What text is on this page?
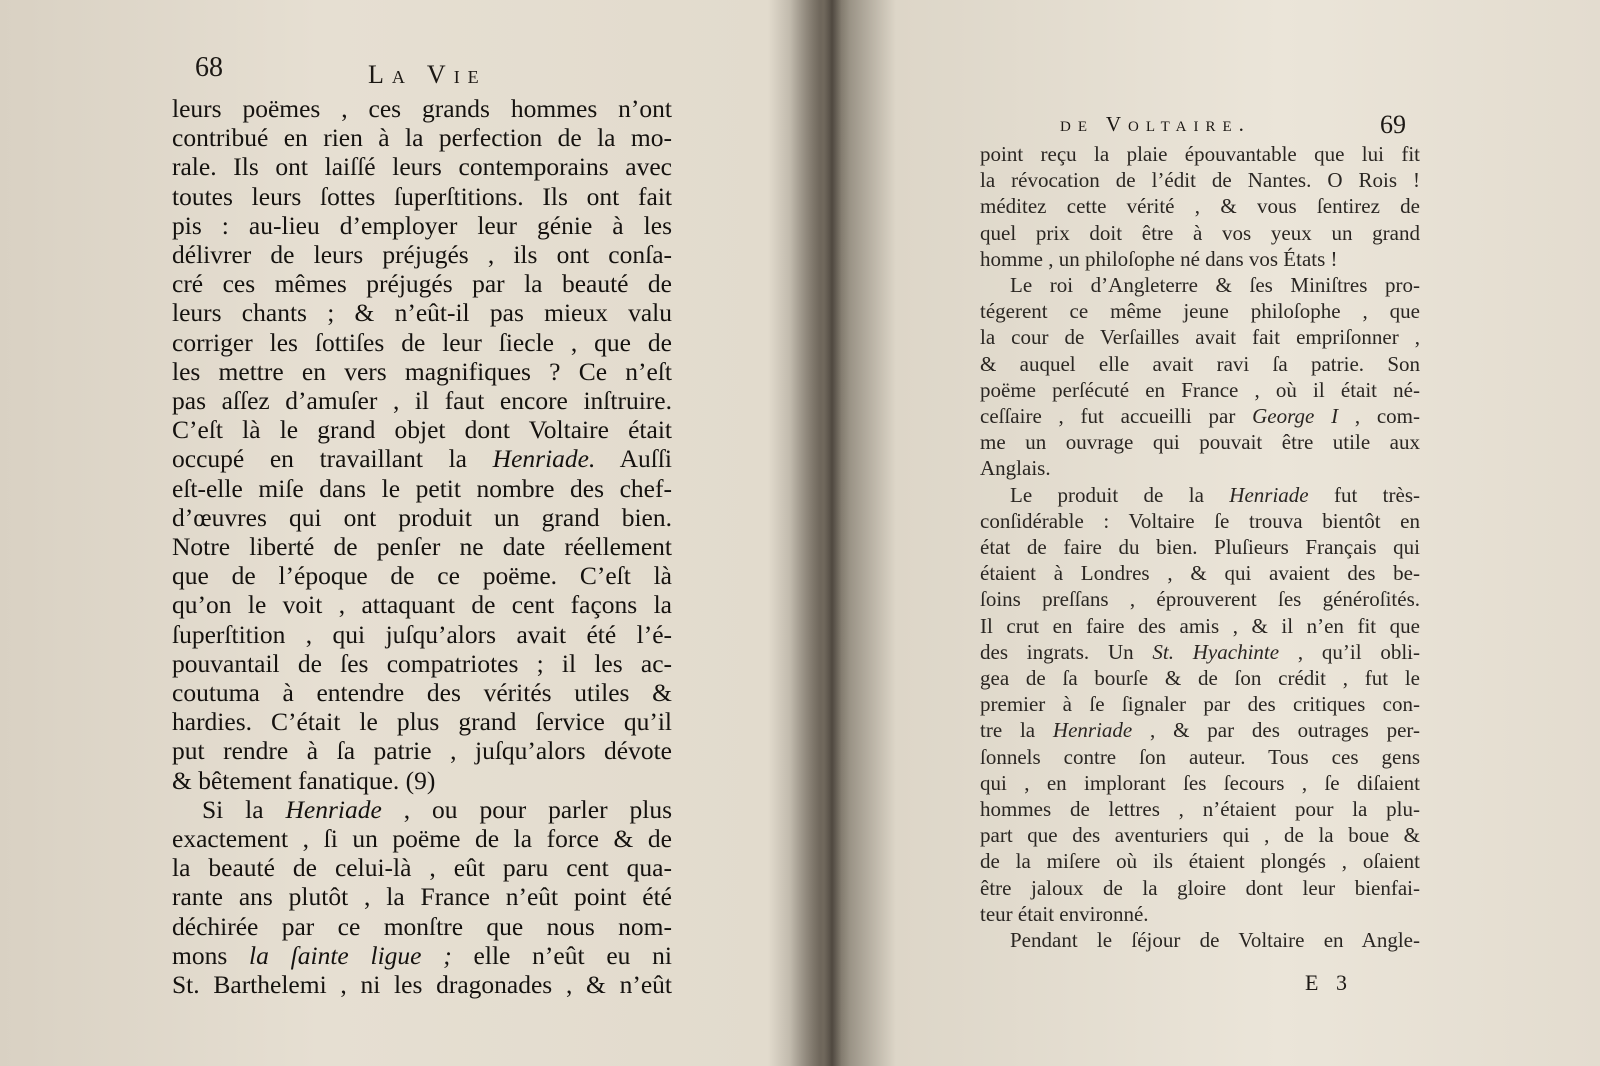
68	La Vie
leurs poëmes , ces grands hommes n’ont
contribué en rien à la perfection de la mo-
rale. Ils ont laiſſé leurs contemporains avec
toutes leurs ſottes ſuperſtitions. Ils ont fait
pis : au-lieu d’employer leur génie à les
délivrer de leurs préjugés , ils ont conſa-
cré ces mêmes préjugés par la beauté de
leurs chants ; & n’eût-il pas mieux valu
corriger les ſottiſes de leur ſiecle , que de
les mettre en vers magnifiques ? Ce n’eſt
pas aſſez d’amuſer , il faut encore inſtruire.
C’eſt là le grand objet dont Voltaire était
occupé en travaillant la Henriade. Auſſi
eſt-elle miſe dans le petit nombre des chef-
d’œuvres qui ont produit un grand bien.
Notre liberté de penſer ne date réellement
que de l’époque de ce poëme. C’eſt là
qu’on le voit , attaquant de cent façons la
ſuperſtition , qui juſqu’alors avait été l’é-
pouvantail de ſes compatriotes ; il les ac-
coutuma à entendre des vérités utiles &
hardies. C’était le plus grand ſervice qu’il
put rendre à ſa patrie , juſqu’alors dévote
& bêtement fanatique. (9)
Si la Henriade , ou pour parler plus
exactement , ſi un poëme de la force & de
la beauté de celui-là , eût paru cent qua-
rante ans plutôt , la France n’eût point été
déchirée par ce monſtre que nous nom-
mons la ſainte ligue ; elle n’eût eu ni
St. Barthelemi , ni les dragonades , & n’eût
de Voltaire.	69
point reçu la plaie épouvantable que lui fit
la révocation de l’édit de Nantes. O Rois !
méditez cette vérité , & vous ſentirez de
quel prix doit être à vos yeux un grand
homme , un philoſophe né dans vos États !
Le roi d’Angleterre & ſes Miniſtres pro-
tégerent ce même jeune philoſophe , que
la cour de Verſailles avait fait empriſonner ,
& auquel elle avait ravi ſa patrie. Son
poëme perſécuté en France , où il était né-
ceſſaire , fut accueilli par George I , com-
me un ouvrage qui pouvait être utile aux
Anglais.
Le produit de la Henriade fut très-
conſidérable : Voltaire ſe trouva bientôt en
état de faire du bien. Pluſieurs Français qui
étaient à Londres , & qui avaient des be-
ſoins preſſans , éprouverent ſes généroſités.
Il crut en faire des amis , & il n’en fit que
des ingrats. Un St. Hyachinte , qu’il obli-
gea de ſa bourſe & de ſon crédit , fut le
premier à ſe ſignaler par des critiques con-
tre la Henriade , & par des outrages per-
ſonnels contre ſon auteur. Tous ces gens
qui , en implorant ſes ſecours , ſe diſaient
hommes de lettres , n’étaient pour la plu-
part que des aventuriers qui , de la boue &
de la miſere où ils étaient plongés , oſaient
être jaloux de la gloire dont leur bienfai-
teur était environné.
Pendant le ſéjour de Voltaire en Angle-
E 3
